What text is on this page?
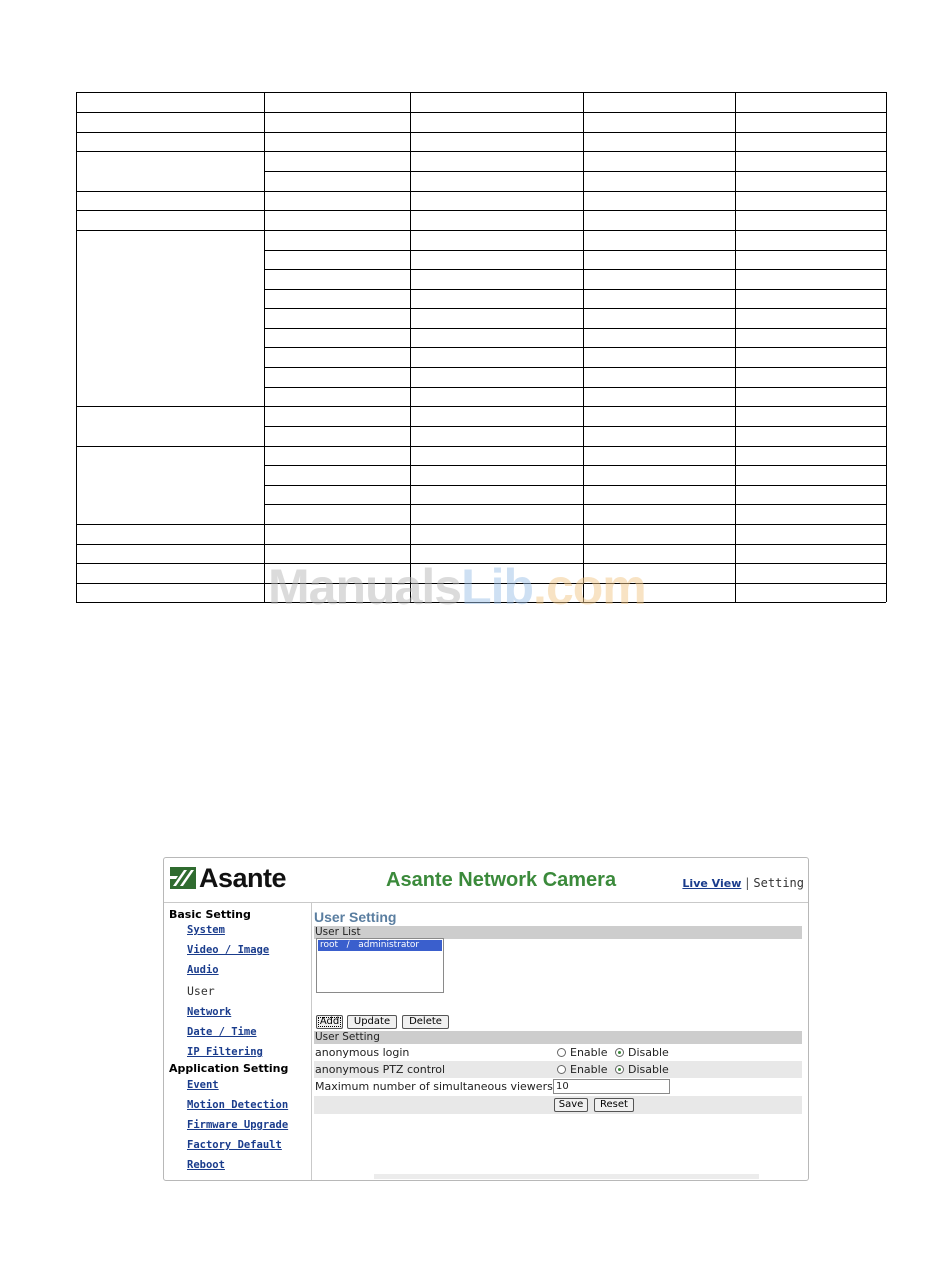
ManualsLib.com
Asante	Asante Network Camera	Live View | Setting
Basic Setting
System
Video / Image
Audio
User
Network
Date / Time
IP Filtering
Application Setting
Event
Motion Detection
Firmware Upgrade
Factory Default
Reboot
User Setting
User List
root   /   administrator
Add	Update	Delete
User Setting
anonymous login	Enable Disable
anonymous PTZ control	Enable Disable
Maximum number of simultaneous viewers 10
Save	Reset
